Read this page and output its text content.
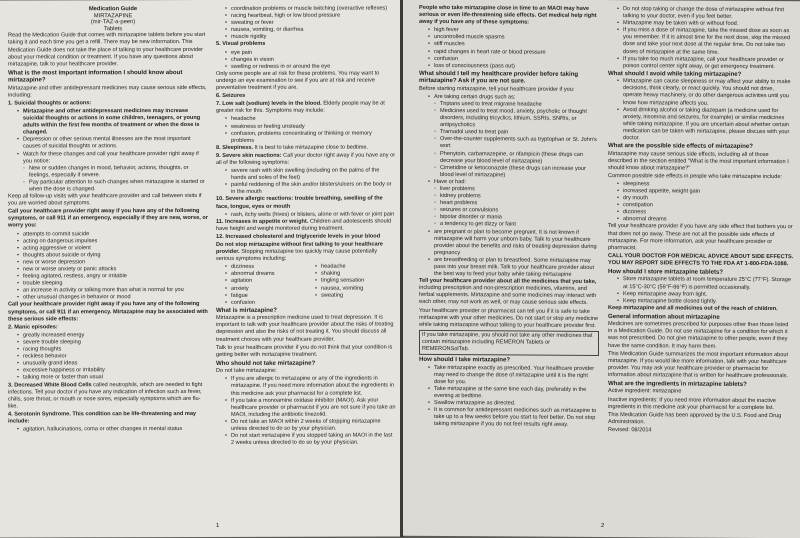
Medication Guide
MIRTAZAPINE
(mir-TAZ-a-peen)
Tablets

Read the Medication Guide that comes with mirtazapine tablets before you start taking it and each time you get a refill. There may be new information. This Medication Guide does not take the place of talking to your healthcare provider about your medical condition or treatment. If you have any questions about mirtazapine, talk to your healthcare provider.

What is the most important information I should know about mirtazapine?

Mirtazapine and other antidepressant medicines may cause serious side effects, including:

1. Suicidal thoughts or actions:

• Mirtazapine and other antidepressant medicines may increase suicidal thoughts or actions in some children, teenagers, or young adults within the first few months of treatment or when the dose is changed.
• Depression or other serious mental illnesses are the most important causes of suicidal thoughts or actions.
• Watch for these changes and call your healthcare provider right away if you notice:
◦ New or sudden changes in mood, behavior, actions, thoughts, or feelings, especially if severe.
◦ Pay particular attention to such changes when mirtazapine is started or when the dose is changed.

Keep all follow-up visits with your healthcare provider and call between visits if you are worried about symptoms.

Call your healthcare provider right away if you have any of the following symptoms, or call 911 if an emergency, especially if they are new, worse, or worry you:

• attempts to commit suicide
• acting on dangerous impulses
• acting aggressive or violent
• thoughts about suicide or dying
• new or worse depression
• new or worse anxiety or panic attacks
• feeling agitated, restless, angry or irritable
• trouble sleeping
• an increase in activity or talking more than what is normal for you
• other unusual changes in behavior or mood

Call your healthcare provider right away if you have any of the following symptoms, or call 911 if an emergency. Mirtazapine may be associated with these serious side effects:

2. Manic episodes:

• greatly increased energy
• severe trouble sleeping
• racing thoughts
• reckless behavior
• unusually grand ideas
• excessive happiness or irritability
• talking more or faster than usual

3. Decreased White Blood Cells called neutrophils, which are needed to fight infections. Tell your doctor if you have any indication of infection such as fever, chills, sore throat, or mouth or nose sores, especially symptoms which are flu-like.

4. Serotonin Syndrome. This condition can be life-threatening and may include:

• agitation, hallucinations, coma or other changes in mental status
• coordination problems or muscle twitching (overactive reflexes)
• racing heartbeat, high or low blood pressure
• sweating or fever
• nausea, vomiting, or diarrhea
• muscle rigidity

5. Visual problems

• eye pain
• changes in vision
• swelling or redness in or around the eye

Only some people are at risk for these problems. You may want to undergo an eye examination to see if you are at risk and receive preventative treatment if you are.

6. Seizures

7. Low salt (sodium) levels in the blood. Elderly people may be at greater risk for this. Symptoms may include:

• headache
• weakness or feeling unsteady
• confusion, problems concentrating or thinking or memory problems

8. Sleepiness. It is best to take mirtazapine close to bedtime.

9. Severe skin reactions: Call your doctor right away if you have any or all of the following symptoms:

• severe rash with skin swelling (including on the palms of the hands and soles of the feet)
• painful reddening of the skin and/or blisters/ulcers on the body or in the mouth

10. Severe allergic reactions: trouble breathing, swelling of the face, tongue, eyes or mouth

• rash, itchy welts (hives) or blisters, alone or with fever or joint pain

11. Increases in appetite or weight. Children and adolescents should have height and weight monitored during treatment.

12. Increased cholesterol and triglyceride levels in your blood

Do not stop mirtazapine without first talking to your healthcare provider. Stopping mirtazapine too quickly may cause potentially serious symptoms including:

• dizziness
• abnormal dreams
• agitation
• anxiety
• fatigue
• confusion
• headache
• shaking
• tingling sensation
• nausea, vomiting
• sweating

What is mirtazapine?

Mirtazapine is a prescription medicine used to treat depression. It is important to talk with your healthcare provider about the risks of treating depression and also the risks of not treating it. You should discuss all treatment choices with your healthcare provider.

Talk to your healthcare provider if you do not think that your condition is getting better with mirtazapine treatment.

Who should not take mirtazapine?

Do not take mirtazapine:

• If you are allergic to mirtazapine or any of the ingredients in mirtazapine. If you need more information about the ingredients in this medicine ask your pharmacist for a complete list.
• If you take a monoamine oxidase inhibitor (MAOI). Ask your healthcare provider or pharmacist if you are not sure if you take an MAOI, including the antibiotic linezolid.
• Do not take an MAOI within 2 weeks of stopping mirtazapine unless directed to do so by your physician.
• Do not start mirtazapine if you stopped taking an MAOI in the last 2 weeks unless directed to do so by your physician.
1

People who take mirtazapine close in time to an MAOI may have serious or even life-threatening side effects. Get medical help right away if you have any of these symptoms:

• high fever
• uncontrolled muscle spasms
• stiff muscles
• rapid changes in heart rate or blood pressure
• confusion
• loss of consciousness (pass out)

What should I tell my healthcare provider before taking mirtazapine? Ask if you are not sure.

Before starting mirtazapine, tell your healthcare provider if you:

• Are taking certain drugs such as:
◦ Triptans used to treat migraine headache
◦ Medicines used to treat mood, anxiety, psychotic or thought disorders, including tricyclics, lithium, SSRIs, SNRIs, or antipsychotics
◦ Tramadol used to treat pain
◦ Over-the-counter supplements such as tryptophan or St. John's wort
◦ Phenytoin, carbamazepine, or rifampicin (these drugs can decrease your blood level of mirtazapine)
◦ Cimetidine or ketoconazole (these drugs can increase your blood level of mirtazapine)
• Have or had:
◦ liver problems
◦ kidney problems
◦ heart problems
◦ seizures or convulsions
◦ bipolar disorder or mania
◦ a tendency to get dizzy or faint
• are pregnant or plan to become pregnant. It is not known if mirtazapine will harm your unborn baby. Talk to your healthcare provider about the benefits and risks of treating depression during pregnancy
• are breastfeeding or plan to breastfeed. Some mirtazapine may pass into your breast milk. Talk to your healthcare provider about the best way to feed your baby while taking mirtazapine

Tell your healthcare provider about all the medicines that you take, including prescription and non-prescription medicines, vitamins, and herbal supplements. Mirtazapine and some medicines may interact with each other, may not work as well, or may cause serious side effects.

Your healthcare provider or pharmacist can tell you if it is safe to take mirtazapine with your other medicines. Do not start or stop any medicine while taking mirtazapine without talking to your healthcare provider first.

If you take mirtazapine, you should not take any other medicines that contain mirtazapine including REMERON Tablets or REMERONSolTab.

How should I take mirtazapine?

• Take mirtazapine exactly as prescribed. Your healthcare provider may need to change the dose of mirtazapine until it is the right dose for you.
• Take mirtazapine at the same time each day, preferably in the evening at bedtime.
• Swallow mirtazapine as directed.
• It is common for antidepressant medicines such as mirtazapine to take up to a few weeks before you start to feel better. Do not stop taking mirtazapine if you do not feel results right away.
• Do not stop taking or change the dose of mirtazapine without first talking to your doctor, even if you feel better.
• Mirtazapine may be taken with or without food.
• If you miss a dose of mirtazapine, take the missed dose as soon as you remember. If it is almost time for the next dose, skip the missed dose and take your next dose at the regular time. Do not take two doses of mirtazapine at the same time.
• If you take too much mirtazapine, call your healthcare provider or poison control center right away, or get emergency treatment.

What should I avoid while taking mirtazapine?

• Mirtazapine can cause sleepiness or may affect your ability to make decisions, think clearly, or react quickly. You should not drive, operate heavy machinery, or do other dangerous activities until you know how mirtazapine affects you.
• Avoid drinking alcohol or taking diazepam (a medicine used for anxiety, insomnia and seizures, for example) or similar medicines while taking mirtazapine. If you are uncertain about whether certain medication can be taken with mirtazapine, please discuss with your doctor.

What are the possible side effects of mirtazapine?

Mirtazapine may cause serious side effects, including all of those described in the section entitled "What is the most important information I should know about mirtazapine?"

Common possible side effects in people who take mirtazapine include:

• sleepiness
• increased appetite, weight gain
• dry mouth
• constipation
• dizziness
• abnormal dreams

Tell your healthcare provider if you have any side effect that bothers you or that does not go away. These are not all the possible side effects of mirtazapine. For more information, ask your healthcare provider or pharmacist.

CALL YOUR DOCTOR FOR MEDICAL ADVICE ABOUT SIDE EFFECTS. YOU MAY REPORT SIDE EFFECTS TO THE FDA AT 1-800-FDA-1088.

How should I store mirtazapine tablets?

• Store mirtazapine tablets at room temperature 25°C (77°F). Storage at 15°C-30°C (59°F-86°F) is permitted occasionally.
• Keep mirtazapine away from light.
• Keep mirtazapine bottle closed tightly.

Keep mirtazapine and all medicines out of the reach of children.

General information about mirtazapine

Medicines are sometimes prescribed for purposes other than those listed in a Medication Guide. Do not use mirtazapine for a condition for which it was not prescribed. Do not give mirtazapine to other people, even if they have the same condition. It may harm them.

This Medication Guide summarizes the most important information about mirtazapine. If you would like more information, talk with your healthcare provider. You may ask your healthcare provider or pharmacist for information about mirtazapine that is written for healthcare professionals.

What are the ingredients in mirtazapine tablets?

Active ingredient: mirtazapine

Inactive ingredients: If you need more information about the inactive ingredients in this medicine ask your pharmacist for a complete list.

This Medication Guide has been approved by the U.S. Food and Drug Administration.

Revised: 08/2014

2
